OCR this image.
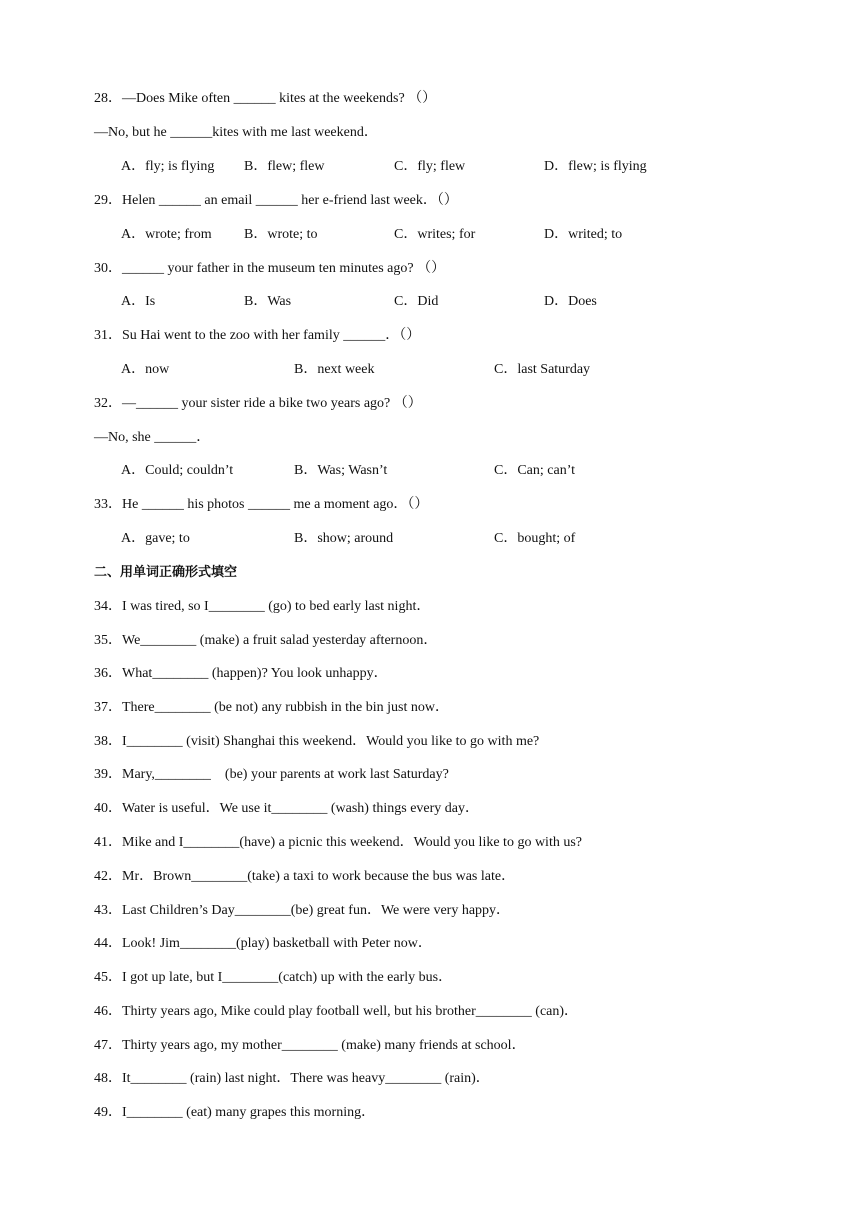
28．—Does Mike often ______ kites at the weekends? （）
—No, but he ______kites with me last weekend．
A．fly; is flying B．flew; flew	C．fly; flew	D．flew; is flying
29．Helen ______ an email ______ her e-friend last week．（）
A．wrote; from B．wrote; to	C．writes; for	D．writed; to
30．______ your father in the museum ten minutes ago? （）
A．Is	B．Was	C．Did	D．Does
31．Su Hai went to the zoo with her family ______．（）
A．now	B．next week	C．last Saturday
32．—______ your sister ride a bike two years ago? （）
—No, she ______．
A．Could; couldn’t	B．Was; Wasn’t	C．Can; can’t
33．He ______ his photos ______ me a moment ago．（）
A．gave; to	B．show; around	C．bought; of
二、用单词正确形式填空
34．I was tired, so I________ (go) to bed early last night．
35．We________ (make) a fruit salad yesterday afternoon．
36．What________ (happen)? You look unhappy．
37．There________ (be not) any rubbish in the bin just now．
38．I________ (visit) Shanghai this weekend．Would you like to go with me?
39．Mary,________    (be) your parents at work last Saturday?
40．Water is useful．We use it________ (wash) things every day．
41．Mike and I________(have) a picnic this weekend．Would you like to go with us?
42．Mr．Brown________(take) a taxi to work because the bus was late．
43．Last Children’s Day________(be) great fun．We were very happy．
44．Look! Jim________(play) basketball with Peter now．
45．I got up late, but I________(catch) up with the early bus．
46．Thirty years ago, Mike could play football well, but his brother________ (can)．
47．Thirty years ago, my mother________ (make) many friends at school．
48．It________ (rain) last night．There was heavy________ (rain)．
49．I________ (eat) many grapes this morning．
